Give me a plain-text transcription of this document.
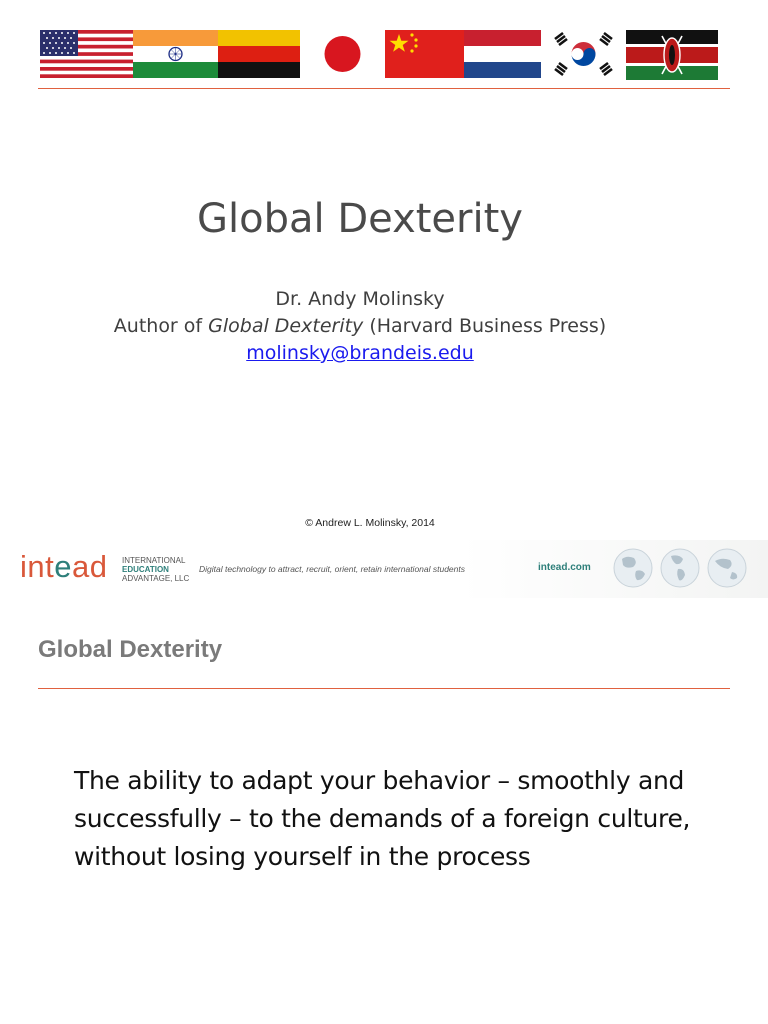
Global Dexterity
Dr. Andy Molinsky
Author of Global Dexterity (Harvard Business Press)
molinsky@brandeis.edu
© Andrew L. Molinsky, 2014
intead INTERNATIONAL
EDUCATION
ADVANTAGE, LLC
Digital technology to attract, recruit, orient, retain international students	intead.com
Global Dexterity
The ability to adapt your behavior – smoothly and successfully – to the demands of a foreign culture, without losing yourself in the process
